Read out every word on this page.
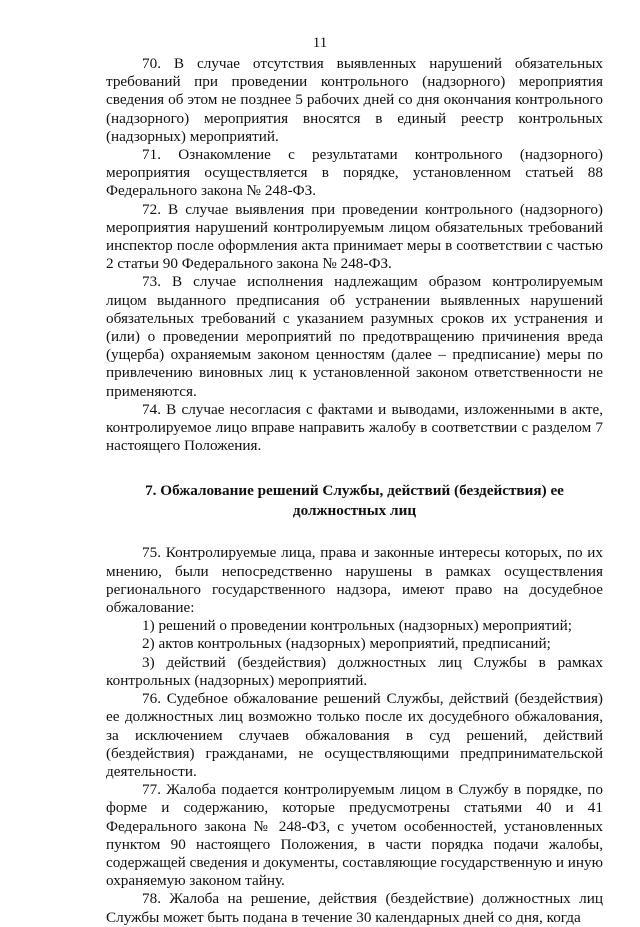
11

70. В случае отсутствия выявленных нарушений обязательных требований при проведении контрольного (надзорного) мероприятия сведения об этом не позднее 5 рабочих дней со дня окончания контрольного (надзорного) мероприятия вносятся в единый реестр контрольных (надзорных) мероприятий.

71. Ознакомление с результатами контрольного (надзорного) мероприятия осуществляется в порядке, установленном статьей 88 Федерального закона № 248-ФЗ.

72. В случае выявления при проведении контрольного (надзорного) мероприятия нарушений контролируемым лицом обязательных требований инспектор после оформления акта принимает меры в соответствии с частью 2 статьи 90 Федерального закона № 248-ФЗ.

73. В случае исполнения надлежащим образом контролируемым лицом выданного предписания об устранении выявленных нарушений обязательных требований с указанием разумных сроков их устранения и (или) о проведении мероприятий по предотвращению причинения вреда (ущерба) охраняемым законом ценностям (далее – предписание) меры по привлечению виновных лиц к установленной законом ответственности не применяются.

74. В случае несогласия с фактами и выводами, изложенными в акте, контролируемое лицо вправе направить жалобу в соответствии с разделом 7 настоящего Положения.

7. Обжалование решений Службы, действий (бездействия) ее
должностных лиц

75. Контролируемые лица, права и законные интересы которых, по их мнению, были непосредственно нарушены в рамках осуществления регионального государственного надзора, имеют право на досудебное обжалование:

1) решений о проведении контрольных (надзорных) мероприятий;

2) актов контрольных (надзорных) мероприятий, предписаний;

3) действий (бездействия) должностных лиц Службы в рамках контрольных (надзорных) мероприятий.

76. Судебное обжалование решений Службы, действий (бездействия) ее должностных лиц возможно только после их досудебного обжалования, за исключением случаев обжалования в суд решений, действий (бездействия) гражданами, не осуществляющими предпринимательской деятельности.

77. Жалоба подается контролируемым лицом в Службу в порядке, по форме и содержанию, которые предусмотрены статьями 40 и 41 Федерального закона № 248-ФЗ, с учетом особенностей, установленных пунктом 90 настоящего Положения, в части порядка подачи жалобы, содержащей сведения и документы, составляющие государственную и иную охраняемую законом тайну.

78. Жалоба на решение, действия (бездействие) должностных лиц Службы может быть подана в течение 30 календарных дней со дня, когда
